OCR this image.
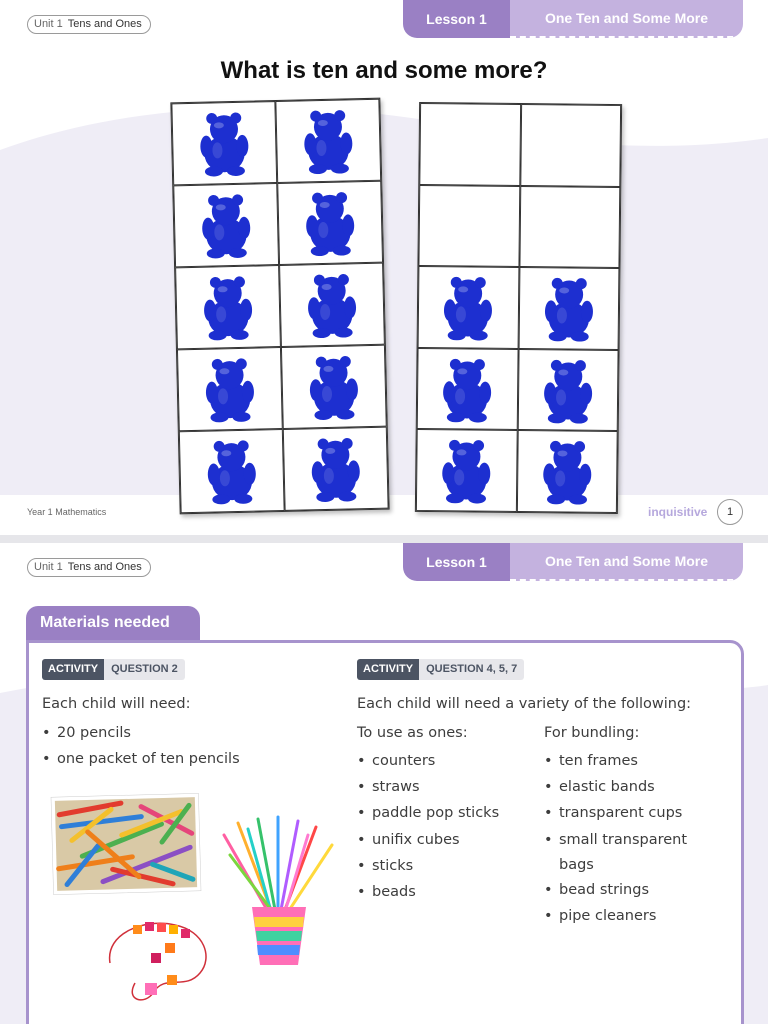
Unit 1 Tens and Ones	Lesson 1	One Ten and Some More
What is ten and some more?
Year 1 Mathematics	inquisitive	1
Unit 1 Tens and Ones	Lesson 1	One Ten and Some More
Materials needed
ACTIVITY	QUESTION 2	ACTIVITY	QUESTION 4, 5, 7
Each child will need:
• 20 pencils
• one packet of ten pencils
Each child will need a variety of the following:
To use as ones:
• counters
• straws
• paddle pop sticks
• unifix cubes
• sticks
• beads
For bundling:
• ten frames
• elastic bands
• transparent cups
• small transparent
bags
• bead strings
• pipe cleaners
